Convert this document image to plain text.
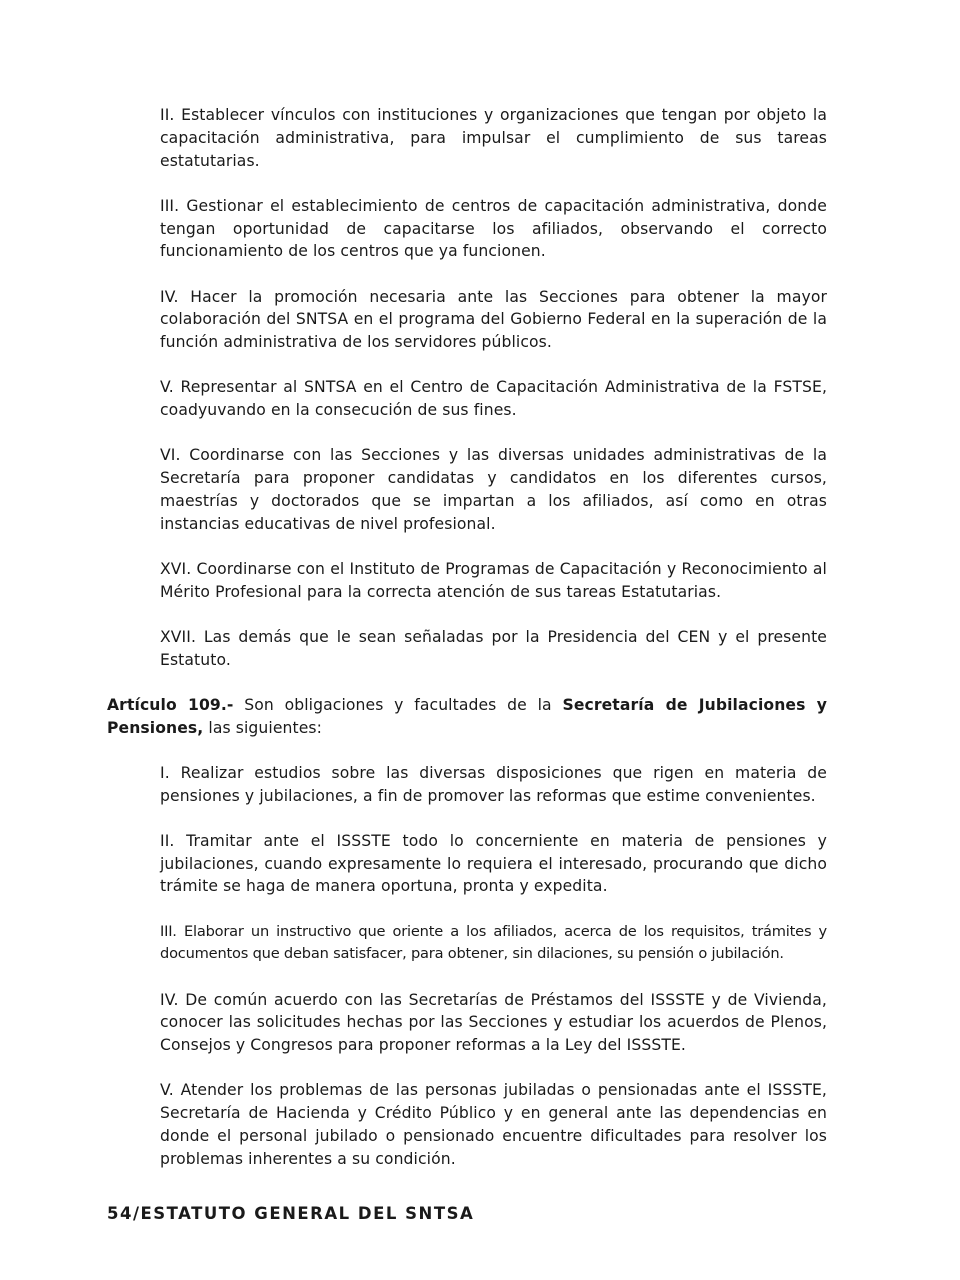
II. Establecer vínculos con instituciones y organizaciones que tengan por objeto la capacitación administrativa, para impulsar el cumplimiento de sus tareas estatutarias.

III. Gestionar el establecimiento de centros de capacitación administrativa, donde tengan oportunidad de capacitarse los afiliados, observando el correcto funcionamiento de los centros que ya funcionen.

IV. Hacer la promoción necesaria ante las Secciones para obtener la mayor colaboración del SNTSA en el programa del Gobierno Federal en la superación de la función administrativa de los servidores públicos.

V. Representar al SNTSA en el Centro de Capacitación Administrativa de la FSTSE, coadyuvando en la consecución de sus fines.

VI. Coordinarse con las Secciones y las diversas unidades administrativas de la Secretaría para proponer candidatas y candidatos en los diferentes cursos, maestrías y doctorados que se impartan a los afiliados, así como en otras instancias educativas de nivel profesional.

XVI. Coordinarse con el Instituto de Programas de Capacitación y Reconocimiento al Mérito Profesional para la correcta atención de sus tareas Estatutarias.

XVII. Las demás que le sean señaladas por la Presidencia del CEN y el presente Estatuto.

Artículo 109.- Son obligaciones y facultades de la Secretaría de Jubilaciones y Pensiones, las siguientes:

I. Realizar estudios sobre las diversas disposiciones que rigen en materia de pensiones y jubilaciones, a fin de promover las reformas que estime convenientes.

II. Tramitar ante el ISSSTE todo lo concerniente en materia de pensiones y jubilaciones, cuando expresamente lo requiera el interesado, procurando que dicho trámite se haga de manera oportuna, pronta y expedita.

III. Elaborar un instructivo que oriente a los afiliados, acerca de los requisitos, trámites y documentos que deban satisfacer, para obtener, sin dilaciones, su pensión o jubilación.

IV. De común acuerdo con las Secretarías de Préstamos del ISSSTE y de Vivienda, conocer las solicitudes hechas por las Secciones y estudiar los acuerdos de Plenos, Consejos y Congresos para proponer reformas a la Ley del ISSSTE.

V. Atender los problemas de las personas jubiladas o pensionadas ante el ISSSTE, Secretaría de Hacienda y Crédito Público y en general ante las dependencias en donde el personal jubilado o pensionado encuentre dificultades para resolver los problemas inherentes a su condición.

54/ESTATUTO GENERAL DEL SNTSA
